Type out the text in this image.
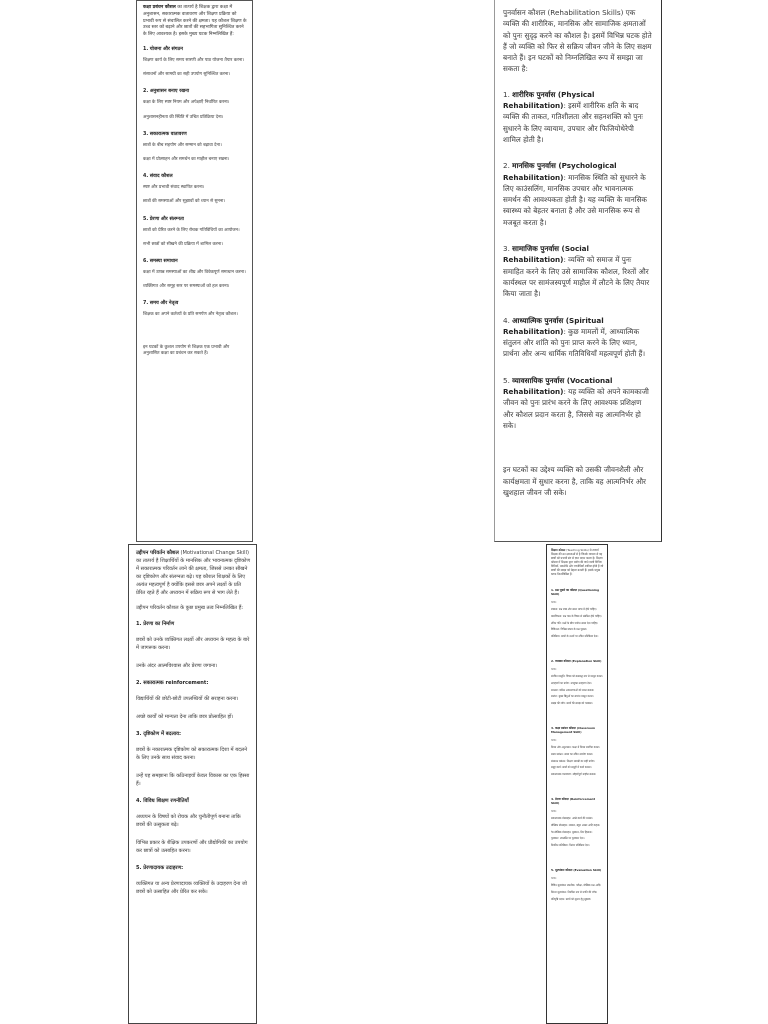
कक्षा प्रबंधन कौशल का तात्पर्य है शिक्षक द्वारा कक्षा में अनुशासन, सकारात्मक वातावरण और शिक्षण प्रक्रिया को प्रभावी रूप से संचालित करने की क्षमता। यह कौशल शिक्षण के उच्च स्तर को बढ़ाने और छात्रों की सहभागिता सुनिश्चित करने के लिए आवश्यक है। इसके मुख्य घटक निम्नलिखित हैं:

1. योजना और संगठन

शिक्षण कार्य के लिए समय सारणी और पाठ योजना तैयार करना।

संसाधनों और सामग्री का सही उपयोग सुनिश्चित करना।

2. अनुशासन बनाए रखना

कक्षा के लिए स्पष्ट नियम और अपेक्षाएँ निर्धारित करना।

अनुशासनहीनता की स्थिति में उचित प्रतिक्रिया देना।

3. सकारात्मक वातावरण

छात्रों के बीच सहयोग और सम्मान को बढ़ावा देना।

कक्षा में प्रोत्साहन और समर्थन का माहौल बनाए रखना।

4. संवाद कौशल

स्पष्ट और प्रभावी संवाद स्थापित करना।

छात्रों की समस्याओं और सुझावों को ध्यान से सुनना।

5. प्रेरणा और संलग्नता

छात्रों को प्रेरित करने के लिए रोचक गतिविधियों का आयोजन।

सभी छात्रों को सीखने की प्रक्रिया में शामिल करना।

6. समस्या समाधान

कक्षा में उत्पन्न समस्याओं का शीघ्र और विवेकपूर्ण समाधान करना।

व्यक्तिगत और समूह स्तर पर समस्याओं को हल करना।

7. समय और नेतृत्व

शिक्षक का अपने कर्तव्यों के प्रति समर्पण और नेतृत्व कौशल।

इन घटकों के कुशल उपयोग से शिक्षक एक प्रभावी और अनुशासित कक्षा का प्रबंधन कर सकते हैं।

पुनर्वासन कौशल (Rehabilitation Skills) एक व्यक्ति की शारीरिक, मानसिक और सामाजिक क्षमताओं को पुनः सुदृढ़ करने का कौशल है। इसमें विभिन्न घटक होते हैं जो व्यक्ति को फिर से सक्रिय जीवन जीने के लिए सक्षम बनाते हैं। इन घटकों को निम्नलिखित रूप में समझा जा सकता है:

1. शारीरिक पुनर्वास (Physical Rehabilitation): इसमें शारीरिक क्षति के बाद व्यक्ति की ताकत, गतिशीलता और सहनशक्ति को पुनः सुधारने के लिए व्यायाम, उपचार और फिजियोथेरेपी शामिल होती है।

2. मानसिक पुनर्वास (Psychological Rehabilitation): मानसिक स्थिति को सुधारने के लिए काउंसलिंग, मानसिक उपचार और भावनात्मक समर्थन की आवश्यकता होती है। यह व्यक्ति के मानसिक स्वास्थ्य को बेहतर बनाता है और उसे मानसिक रूप से मजबूत करता है।

3. सामाजिक पुनर्वास (Social Rehabilitation): व्यक्ति को समाज में पुनः समाहित करने के लिए उसे सामाजिक कौशल, रिश्तों और कार्यस्थल पर सामंजस्यपूर्ण माहौल में लौटने के लिए तैयार किया जाता है।

4. आध्यात्मिक पुनर्वास (Spiritual Rehabilitation): कुछ मामलों में, आध्यात्मिक संतुलन और शांति को पुनः प्राप्त करने के लिए ध्यान, प्रार्थना और अन्य धार्मिक गतिविधियाँ महत्वपूर्ण होती हैं।

5. व्यावसायिक पुनर्वास (Vocational Rehabilitation): यह व्यक्ति को अपने कामकाजी जीवन को पुनः प्रारंभ करने के लिए आवश्यक प्रशिक्षण और कौशल प्रदान करता है, जिससे वह आत्मनिर्भर हो सके।

इन घटकों का उद्देश्य व्यक्ति को उसकी जीवनशैली और कार्यक्षमता में सुधार करना है, ताकि वह आत्मनिर्भर और खुशहाल जीवन जी सके।

उद्दीपन परिवर्तन कौशल (Motivational Change Skill) का तात्पर्य है शिक्षार्थियों के मानसिक और भावनात्मक दृष्टिकोण में सकारात्मक परिवर्तन लाने की क्षमता, जिससे उनका सीखने का दृष्टिकोण और संलग्नता बढ़े। यह कौशल शिक्षकों के लिए अत्यंत महत्वपूर्ण है क्योंकि इससे छात्र अपने लक्ष्यों के प्रति प्रेरित रहते हैं और अध्ययन में सक्रिय रूप से भाग लेते हैं।

उद्दीपन परिवर्तन कौशल के कुछ प्रमुख तत्व निम्नलिखित हैं:

1. प्रेरणा का निर्माण

छात्रों को उनके व्यक्तिगत लक्ष्यों और अध्ययन के महत्व के बारे में जागरूक करना।

उनके अंदर आत्मविश्वास और प्रेरणा जगाना।

2. सकारात्मक reinforcement:

विद्यार्थियों की छोटी-छोटी उपलब्धियों की सराहना करना।

अच्छे कार्यों को मान्यता देना ताकि छात्र प्रोत्साहित हों।

3. दृष्टिकोण में बदलाव:

छात्रों के नकारात्मक दृष्टिकोण को सकारात्मक दिशा में बदलने के लिए उनके साथ संवाद करना।

उन्हें यह समझाना कि कठिनाइयाँ केवल विकास का एक हिस्सा हैं।

4. विविध शिक्षण रणनीतियाँ

अध्ययन के विषयों को रोचक और चुनौतीपूर्ण बनाना ताकि छात्रों की उत्सुकता बढ़े।

विभिन्न प्रकार के शैक्षिक उपकरणों और प्रौद्योगिकी का उपयोग कर छात्रों को उत्साहित करना।

5. प्रेरणादायक उदाहरण:

व्यक्तिगत या अन्य प्रेरणादायक व्यक्तियों के उदाहरण देना जो छात्रों को उत्साहित और प्रेरित कर सके।

शिक्षण कौशल (Teaching Skills) से तात्पर्य शिक्षक की उन क्षमताओं से है जिनके माध्यम से वह छात्रों को प्रभावी ढंग से ज्ञान प्रदान करता है। शिक्षण कौशल में शिक्षक द्वारा प्रयोग की जाने वाली विभिन्न विधियाँ, तकनीकें और रणनीतियाँ शामिल होती हैं जो छात्रों की समझ को बेहतर बनाती हैं। इसके प्रमुख घटक निम्नलिखित हैं:

1. प्रश्न पूछने का कौशल (Questioning Skill)

घटक:

स्पष्टता: प्रश्न स्पष्ट और सरल भाषा में होने चाहिए।

प्रासंगिकता: प्रश्न पाठ के विषय से संबंधित होने चाहिए।

उचित गति: प्रश्नों के बीच पर्याप्त समय देना चाहिए।

विविधता: विभिन्न प्रकार के प्रश्न पूछना।

प्रतिक्रिया: छात्रों के उत्तरों पर उचित प्रतिक्रिया देना।

2. व्याख्या कौशल (Explanation Skill)

घटक:

संरचित प्रस्तुति: विषय को क्रमबद्ध रूप से प्रस्तुत करना।

उदाहरणों का प्रयोग: उपयुक्त उदाहरण देना।

सरलता: कठिन अवधारणाओं को सरल बनाना।

सारांश: मुख्य बिंदुओं का सारांश प्रस्तुत करना।

समझ की जाँच: छात्रों की समझ को परखना।

3. कक्षा प्रबंधन कौशल (Classroom Management Skill)

घटक:

नियम और अनुशासन: कक्षा में नियम स्थापित करना।

समय प्रबंधन: समय का उचित उपयोग करना।

संसाधन प्रबंधन: शिक्षण सामग्री का सही प्रयोग।

समूह कार्य: छात्रों को समूहों में कार्य कराना।

सकारात्मक वातावरण: सौहार्दपूर्ण माहौल बनाना।

4. प्रेरणा कौशल (Reinforcement Skill)

घटक:

सकारात्मक प्रोत्साहन: अच्छे कार्य की प्रशंसा।

मौखिक प्रोत्साहन: शाबाश, बहुत अच्छा आदि कहना।

गैर-मौखिक प्रोत्साहन: मुस्कान, सिर हिलाना।

पुरस्कार: उपलब्धि पर पुरस्कार देना।

नियमित प्रतिक्रिया: निरंतर प्रतिक्रिया देना।

5. मूल्यांकन कौशल (Evaluation Skill)

घटक:

विविध मूल्यांकन तकनीक: परीक्षा, मौखिक प्रश्न आदि।

निरंतर मूल्यांकन: नियमित रूप से प्रगति की जाँच।

प्रतिपुष्टि प्रदान: छात्रों को सुधार हेतु सुझाव।
